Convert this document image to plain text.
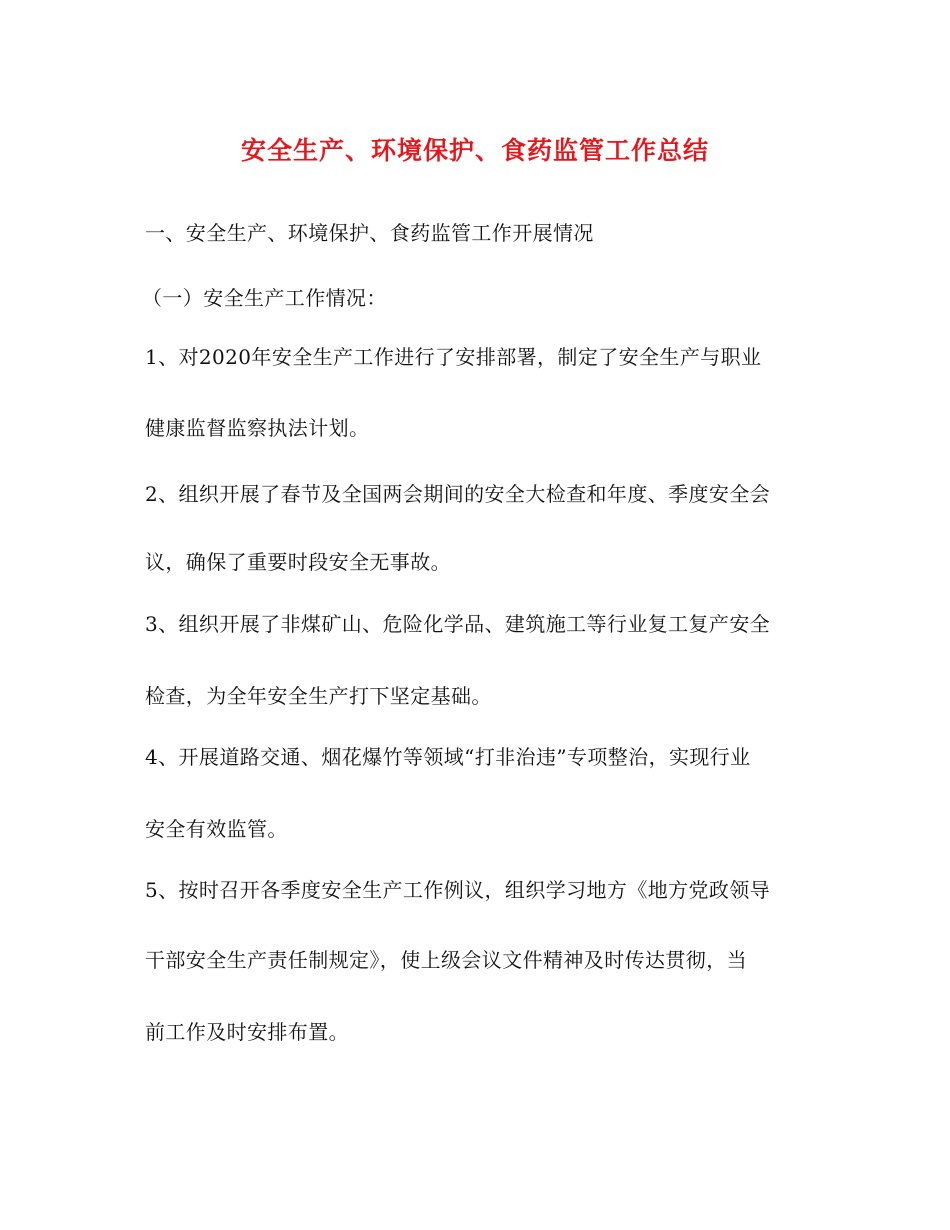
安全生产、环境保护、食药监管工作总结
一、安全生产、环境保护、食药监管工作开展情况
（一）安全生产工作情况：
1、对2020年安全生产工作进行了安排部署，制定了安全生产与职业
健康监督监察执法计划。
2、组织开展了春节及全国两会期间的安全大检查和年度、季度安全会
议，确保了重要时段安全无事故。
3、组织开展了非煤矿山、危险化学品、建筑施工等行业复工复产安全
检查，为全年安全生产打下坚定基础。
4、开展道路交通、烟花爆竹等领域“打非治违”专项整治，实现行业
安全有效监管。
5、按时召开各季度安全生产工作例议，组织学习地方《地方党政领导
干部安全生产责任制规定》，使上级会议文件精神及时传达贯彻，当
前工作及时安排布置。
